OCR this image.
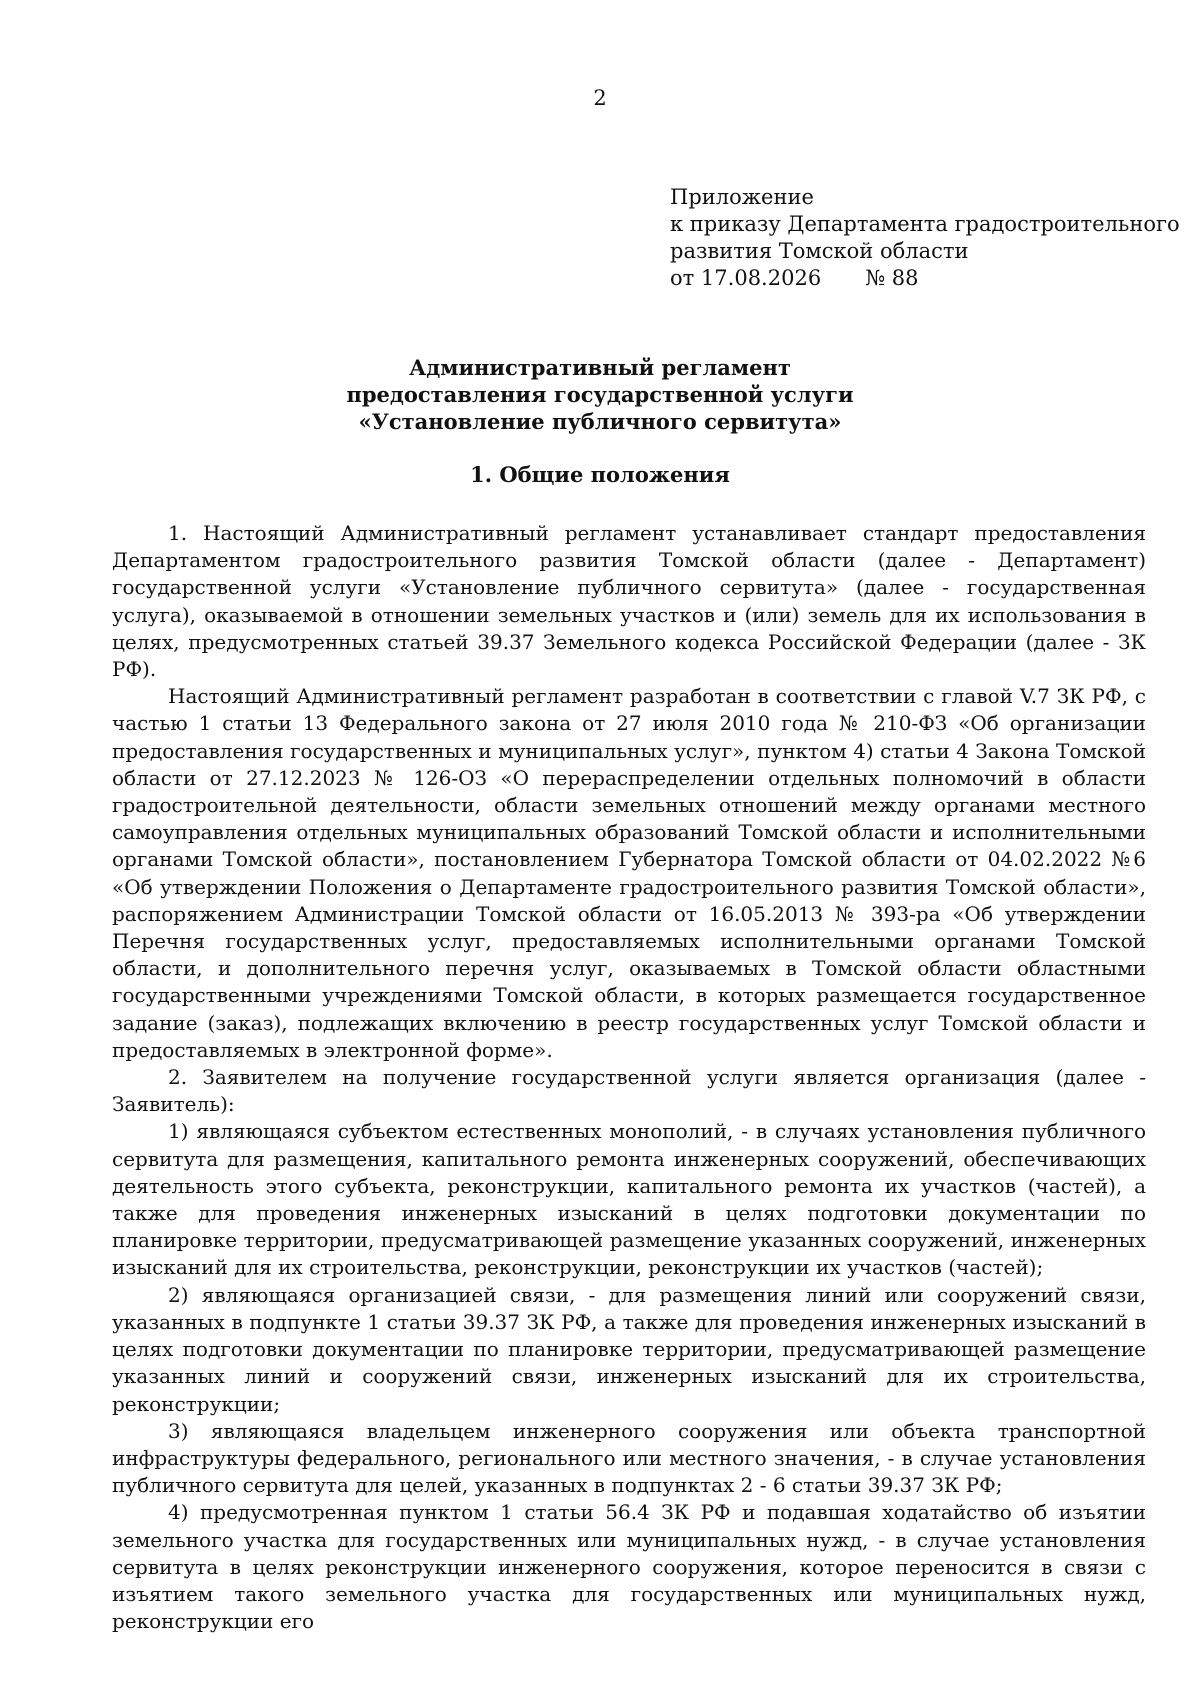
2
Приложение
к приказу Департамента градостроительного
развития Томской области
от 17.08.2026 № 88
Административный регламент
предоставления государственной услуги
«Установление публичного сервитута»
1. Общие положения

1. Настоящий Административный регламент устанавливает стандарт предоставления Департаментом градостроительного развития Томской области (далее - Департамент) государственной услуги «Установление публичного сервитута» (далее - государственная услуга), оказываемой в отношении земельных участков и (или) земель для их использования в целях, предусмотренных статьей 39.37 Земельного кодекса Российской Федерации (далее - ЗК РФ).

Настоящий Административный регламент разработан в соответствии с главой V.7 ЗК РФ, с частью 1 статьи 13 Федерального закона от 27 июля 2010 года № 210-ФЗ «Об организации предоставления государственных и муниципальных услуг», пунктом 4) статьи 4 Закона Томской области от 27.12.2023 № 126-ОЗ «О перераспределении отдельных полномочий в области градостроительной деятельности, области земельных отношений между органами местного самоуправления отдельных муниципальных образований Томской области и исполнительными органами Томской области», постановлением Губернатора Томской области от 04.02.2022 №6 «Об утверждении Положения о Департаменте градостроительного развития Томской области», распоряжением Администрации Томской области от 16.05.2013 № 393-ра «Об утверждении Перечня государственных услуг, предоставляемых исполнительными органами Томской области, и дополнительного перечня услуг, оказываемых в Томской области областными государственными учреждениями Томской области, в которых размещается государственное задание (заказ), подлежащих включению в реестр государственных услуг Томской области и предоставляемых в электронной форме».

2. Заявителем на получение государственной услуги является организация (далее - Заявитель):

1) являющаяся субъектом естественных монополий, - в случаях установления публичного сервитута для размещения, капитального ремонта инженерных сооружений, обеспечивающих деятельность этого субъекта, реконструкции, капитального ремонта их участков (частей), а также для проведения инженерных изысканий в целях подготовки документации по планировке территории, предусматривающей размещение указанных сооружений, инженерных изысканий для их строительства, реконструкции, реконструкции их участков (частей);

2) являющаяся организацией связи, - для размещения линий или сооружений связи, указанных в подпункте 1 статьи 39.37 ЗК РФ, а также для проведения инженерных изысканий в целях подготовки документации по планировке территории, предусматривающей размещение указанных линий и сооружений связи, инженерных изысканий для их строительства, реконструкции;

3) являющаяся владельцем инженерного сооружения или объекта транспортной инфраструктуры федерального, регионального или местного значения, - в случае установления публичного сервитута для целей, указанных в подпунктах 2 - 6 статьи 39.37 ЗК РФ;

4) предусмотренная пунктом 1 статьи 56.4 ЗК РФ и подавшая ходатайство об изъятии земельного участка для государственных или муниципальных нужд, - в случае установления сервитута в целях реконструкции инженерного сооружения, которое переносится в связи с изъятием такого земельного участка для государственных или муниципальных нужд, реконструкции его
